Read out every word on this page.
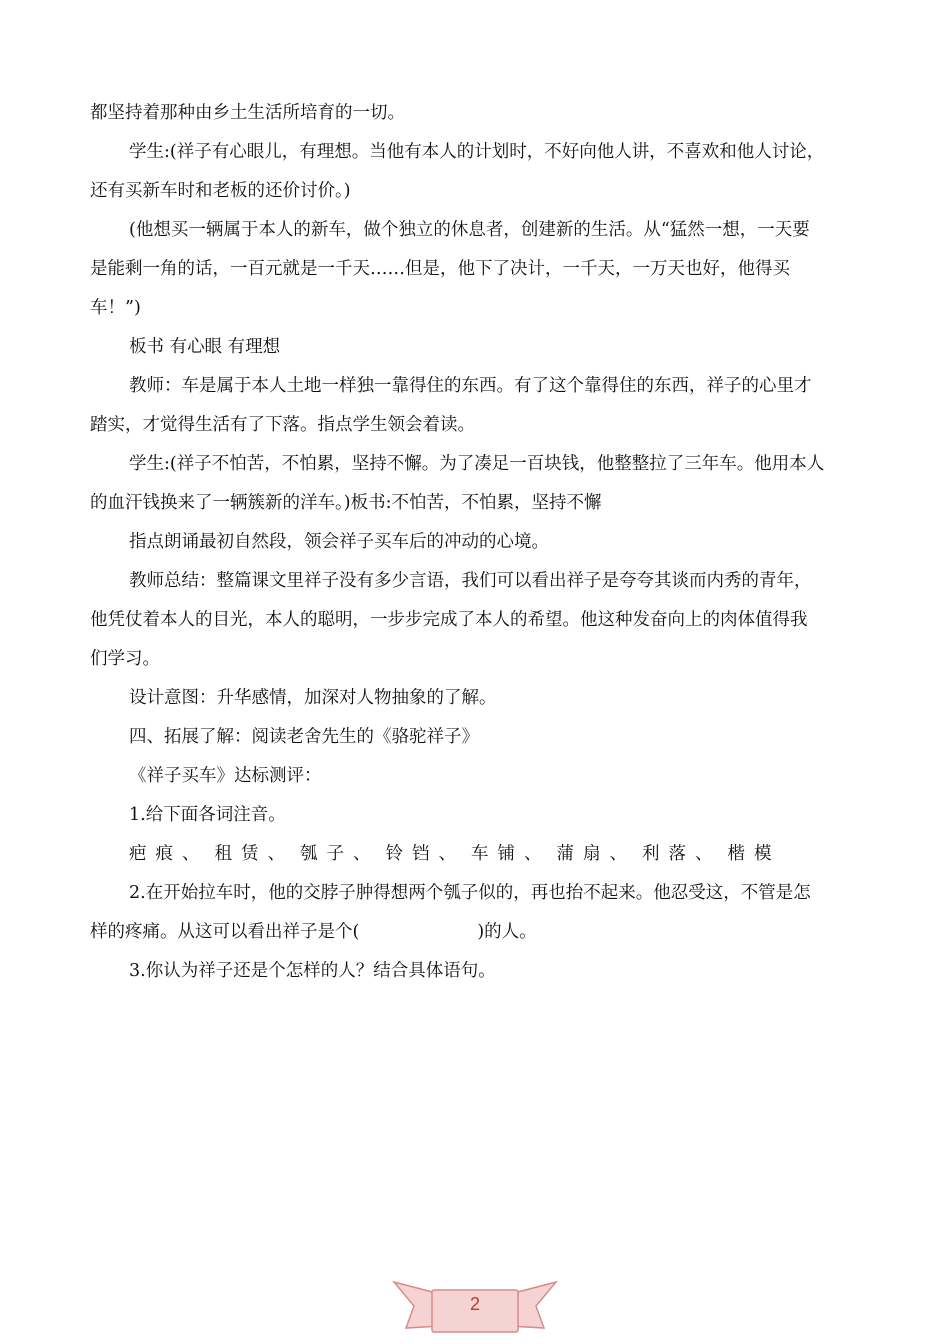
都坚持着那种由乡土生活所培育的一切。
学生:(祥子有心眼儿，有理想。当他有本人的计划时，不好向他人讲，不喜欢和他人讨论，
还有买新车时和老板的还价讨价。)
(他想买一辆属于本人的新车，做个独立的休息者，创建新的生活。从“猛然一想，一天要
是能剩一角的话，一百元就是一千天……但是，他下了决计，一千天，一万天也好，他得买
车！”)
板书 有心眼 有理想
教师：车是属于本人土地一样独一靠得住的东西。有了这个靠得住的东西，祥子的心里才
踏实，才觉得生活有了下落。指点学生领会着读。
学生:(祥子不怕苦，不怕累，坚持不懈。为了凑足一百块钱，他整整拉了三年车。他用本人
的血汗钱换来了一辆簇新的洋车。)板书:不怕苦，不怕累，坚持不懈
指点朗诵最初自然段，领会祥子买车后的冲动的心境。
教师总结：整篇课文里祥子没有多少言语，我们可以看出祥子是夸夸其谈而内秀的青年，
他凭仗着本人的目光，本人的聪明，一步步完成了本人的希望。他这种发奋向上的肉体值得我
们学习。
设计意图：升华感情，加深对人物抽象的了解。
四、拓展了解：阅读老舍先生的《骆驼祥子》
《祥子买车》达标测评：
1.给下面各词注音。
疤痕、 租赁、 瓠子、 铃铛、 车铺、 蒲扇、 利落、 楷模
2.在开始拉车时，他的交脖子肿得想两个瓠子似的，再也抬不起来。他忍受这，不管是怎
样的疼痛。从这可以看出祥子是个(	)的人。
3.你认为祥子还是个怎样的人？结合具体语句。
2
